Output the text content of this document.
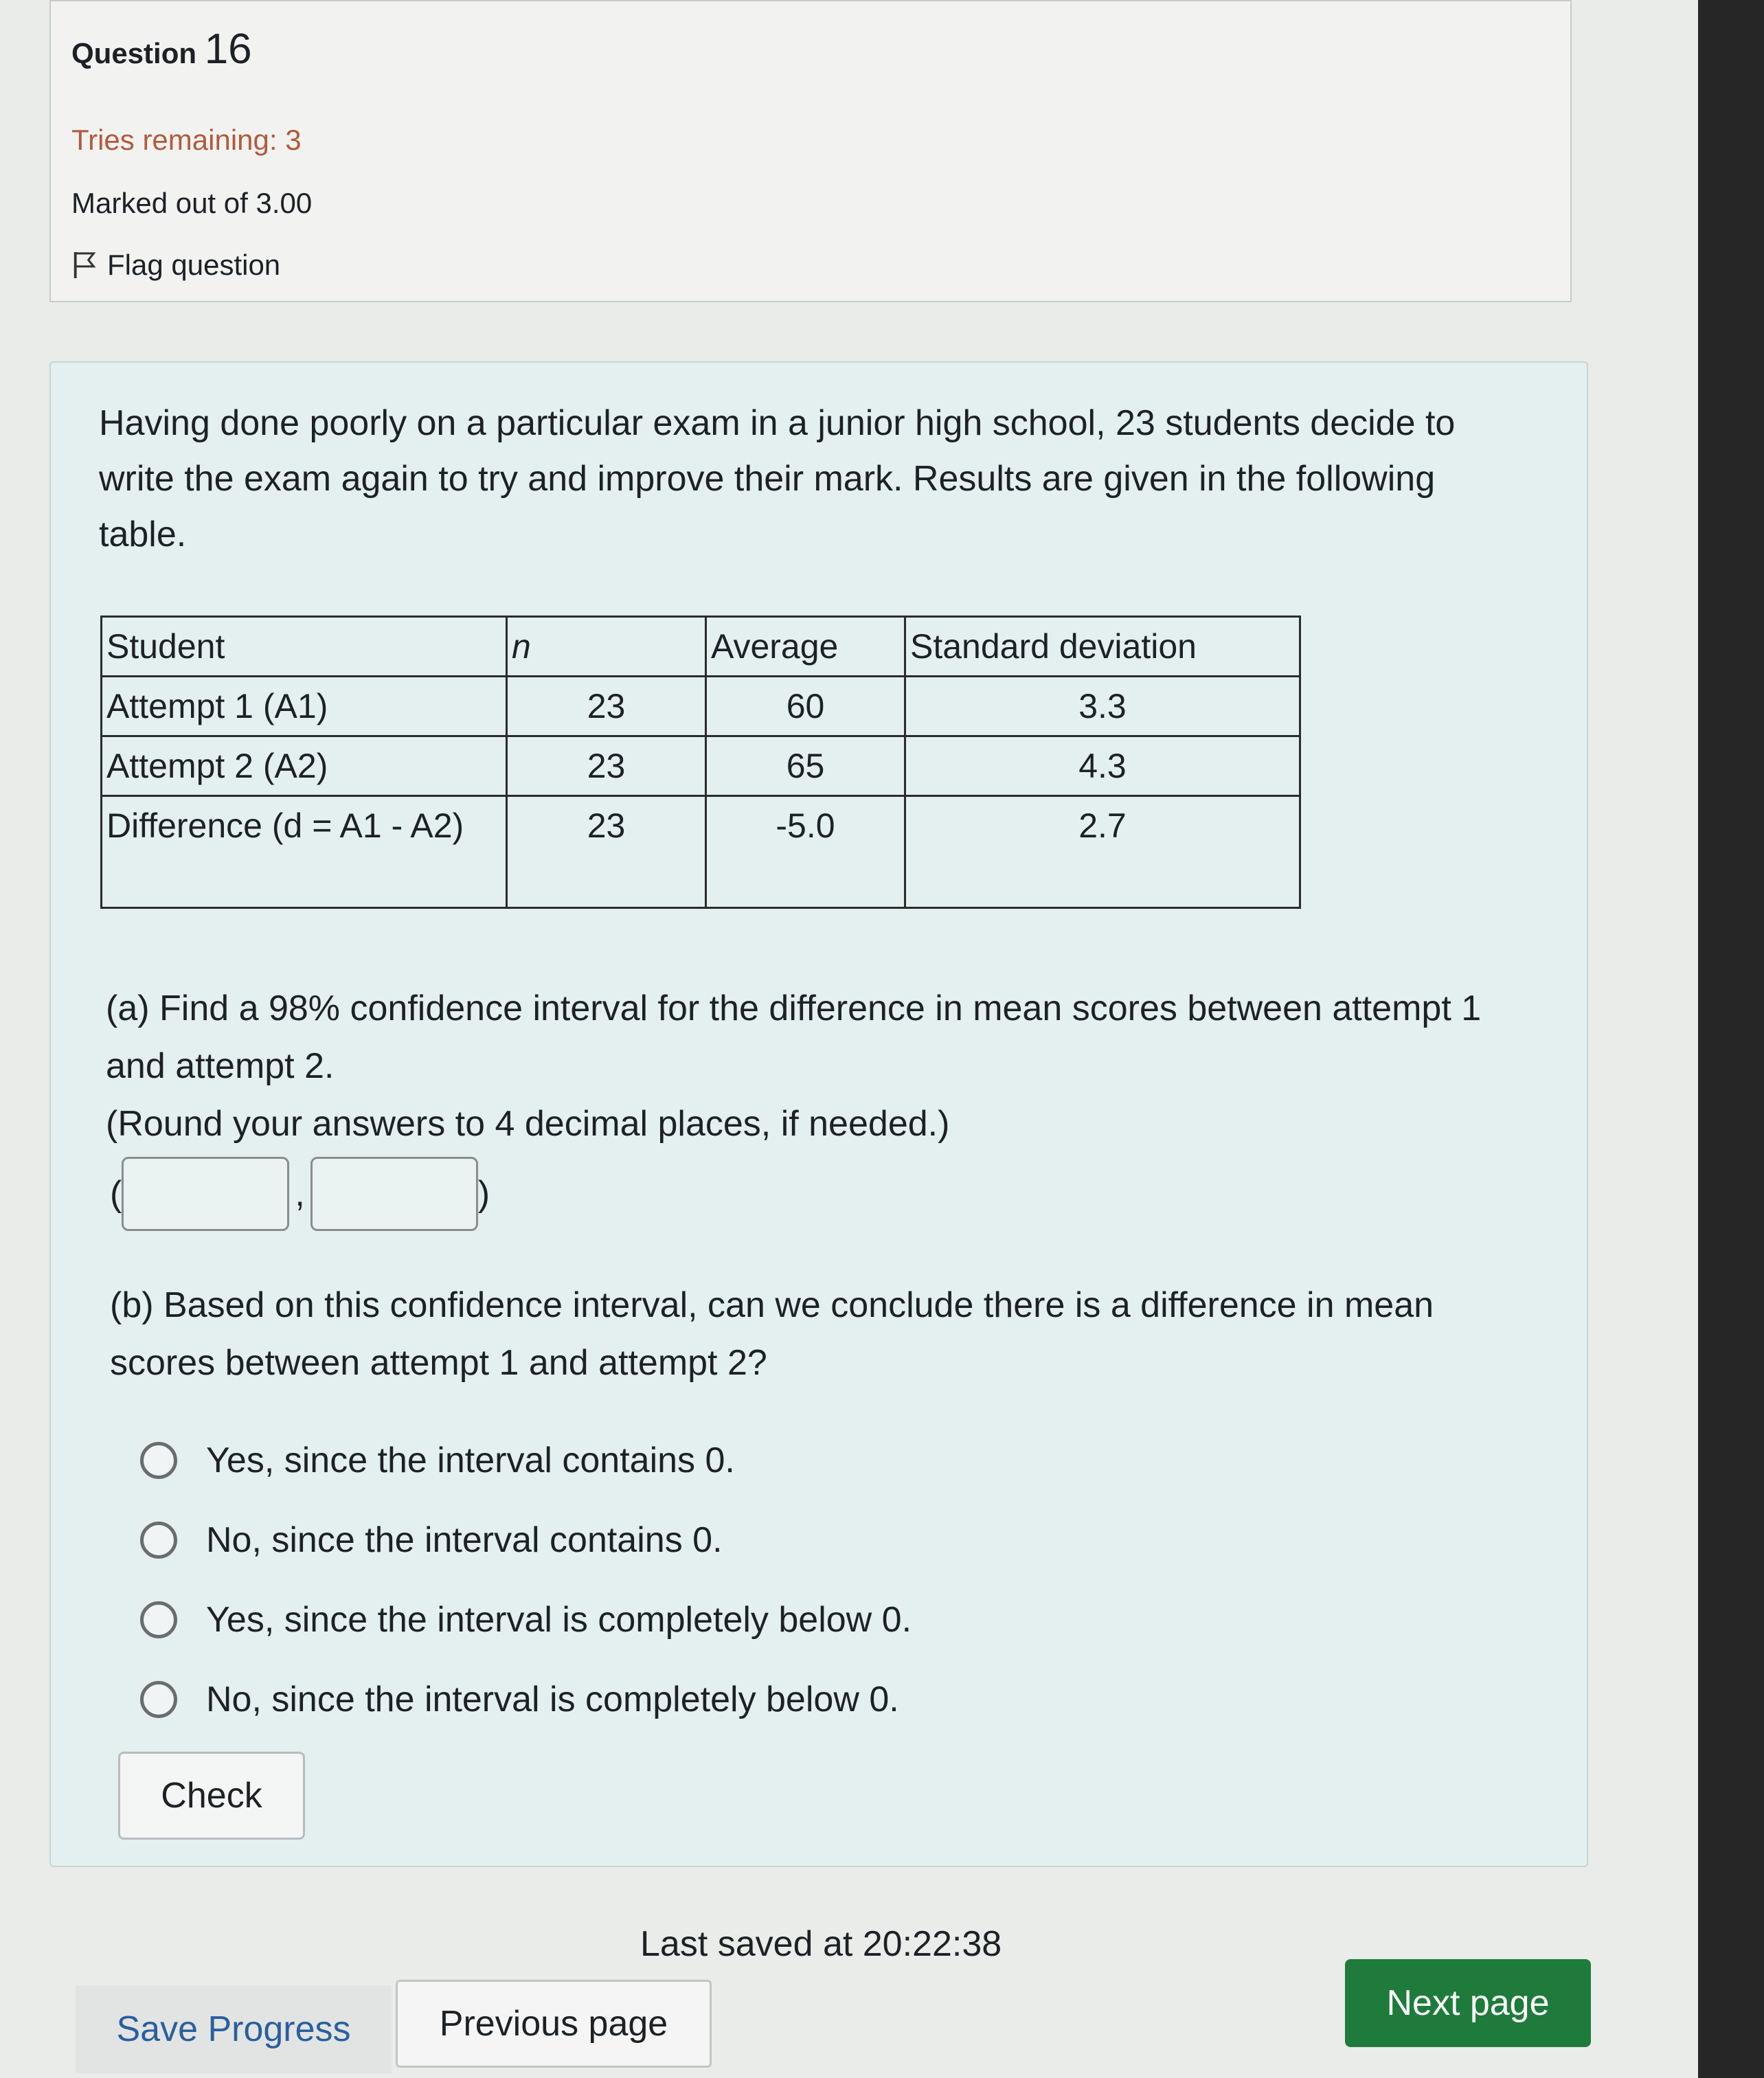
Question 16
Tries remaining: 3
Marked out of 3.00
Flag question
Having done poorly on a particular exam in a junior high school, 23 students decide to write the exam again to try and improve their mark. Results are given in the following table.
Student	n	Average	Standard deviation
Attempt 1 (A1)	23	60	3.3
Attempt 2 (A2)	23	65	4.3
Difference (d = A1 - A2)	23	-5.0	2.7
(a) Find a 98% confidence interval for the difference in mean scores between attempt 1 and attempt 2.
(Round your answers to 4 decimal places, if needed.)
(	,	)
(b) Based on this confidence interval, can we conclude there is a difference in mean scores between attempt 1 and attempt 2?
Yes, since the interval contains 0.
No, since the interval contains 0.
Yes, since the interval is completely below 0.
No, since the interval is completely below 0.
Check
Last saved at 20:22:38
Save Progress	Previous page
Next page
